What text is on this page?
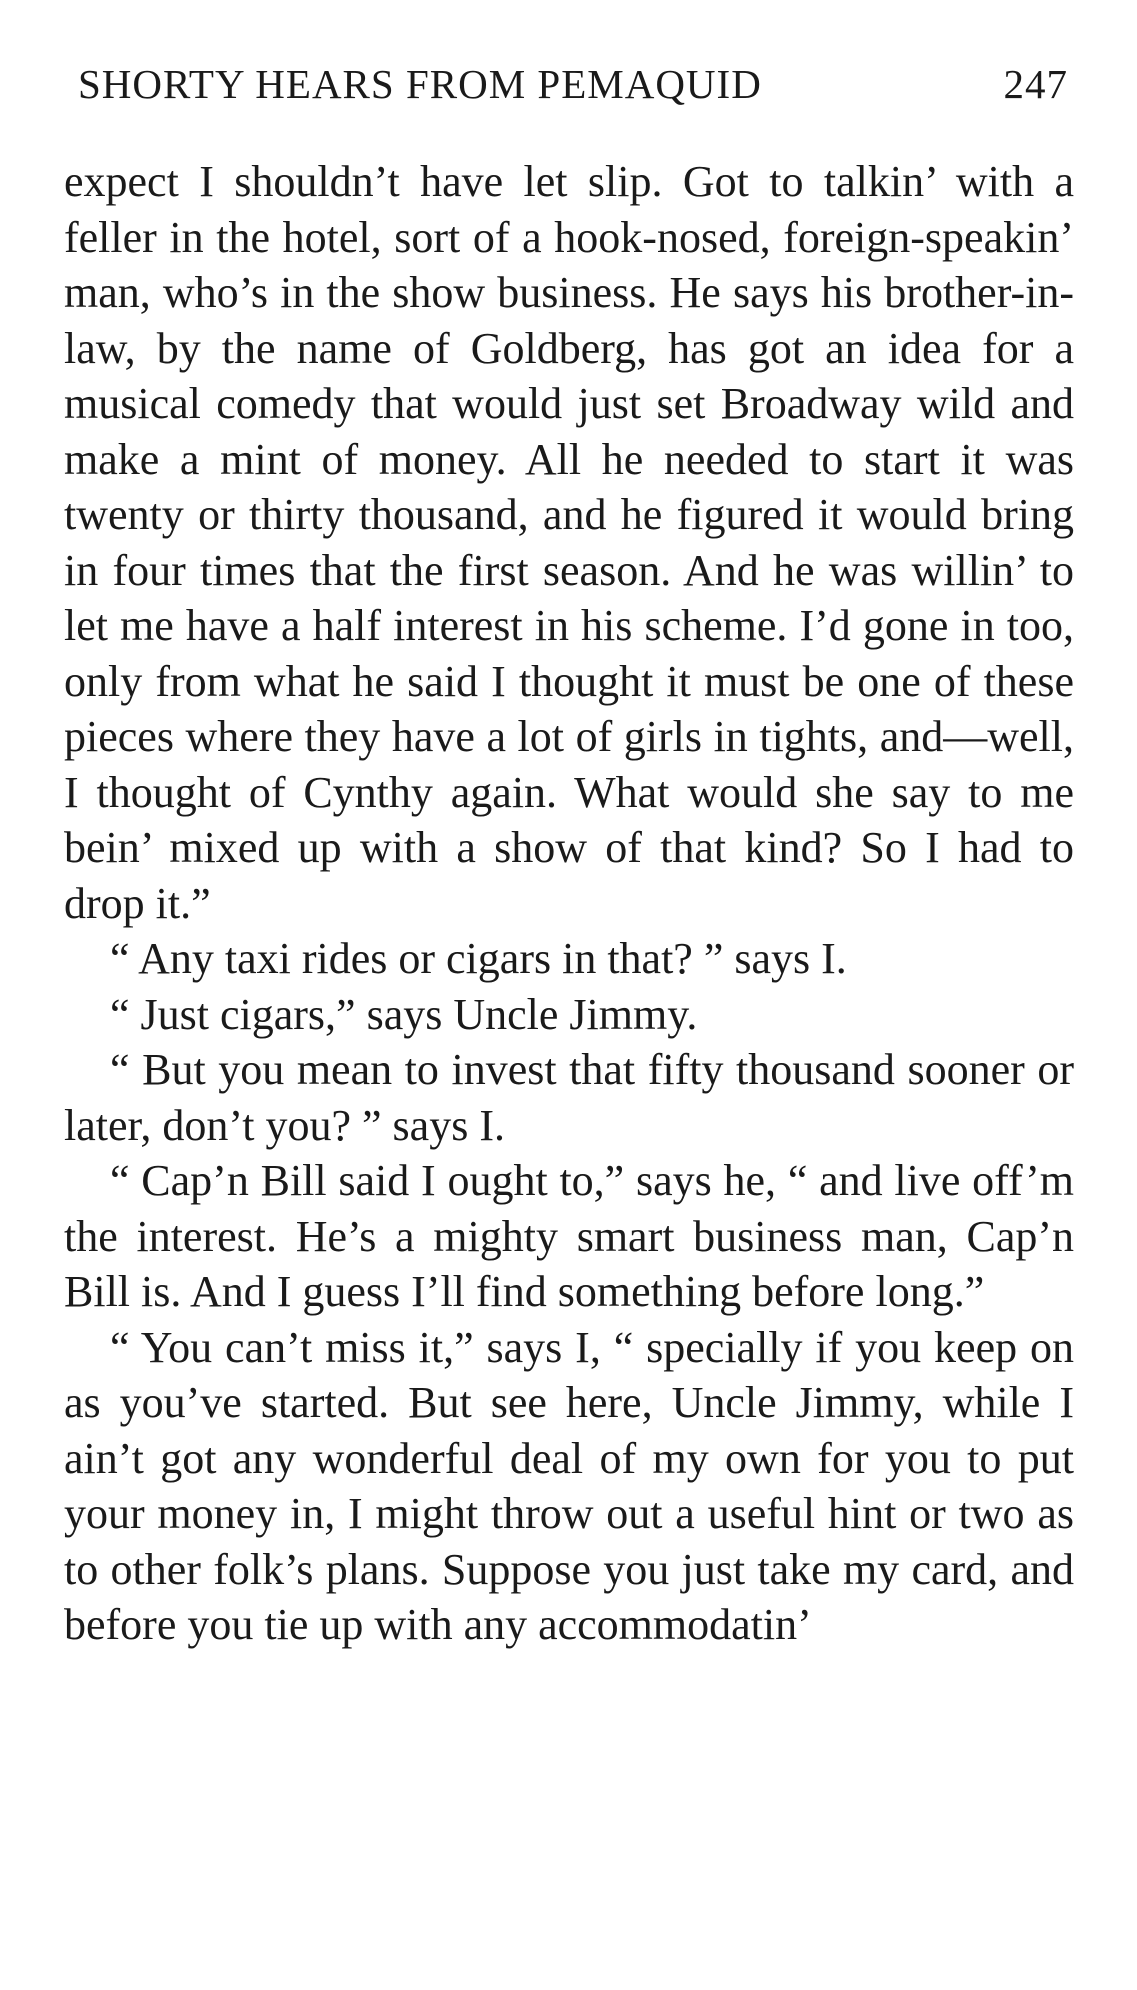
SHORTY HEARS FROM PEMAQUID	247

expect I shouldn’t have let slip. Got to talkin’ with a feller in the hotel, sort of a hook-nosed, foreign-speakin’ man, who’s in the show business. He says his brother-in-law, by the name of Goldberg, has got an idea for a musical comedy that would just set Broadway wild and make a mint of money. All he needed to start it was twenty or thirty thousand, and he figured it would bring in four times that the first season. And he was willin’ to let me have a half interest in his scheme. I’d gone in too, only from what he said I thought it must be one of these pieces where they have a lot of girls in tights, and—well, I thought of Cynthy again. What would she say to me bein’ mixed up with a show of that kind? So I had to drop it.”

“ Any taxi rides or cigars in that? ” says I.

“ Just cigars,” says Uncle Jimmy.

“ But you mean to invest that fifty thousand sooner or later, don’t you? ” says I.

“ Cap’n Bill said I ought to,” says he, “ and live off’m the interest. He’s a mighty smart business man, Cap’n Bill is. And I guess I’ll find something before long.”

“ You can’t miss it,” says I, “ specially if you keep on as you’ve started. But see here, Uncle Jimmy, while I ain’t got any wonderful deal of my own for you to put your money in, I might throw out a useful hint or two as to other folk’s plans. Suppose you just take my card, and before you tie up with any accommodatin’
